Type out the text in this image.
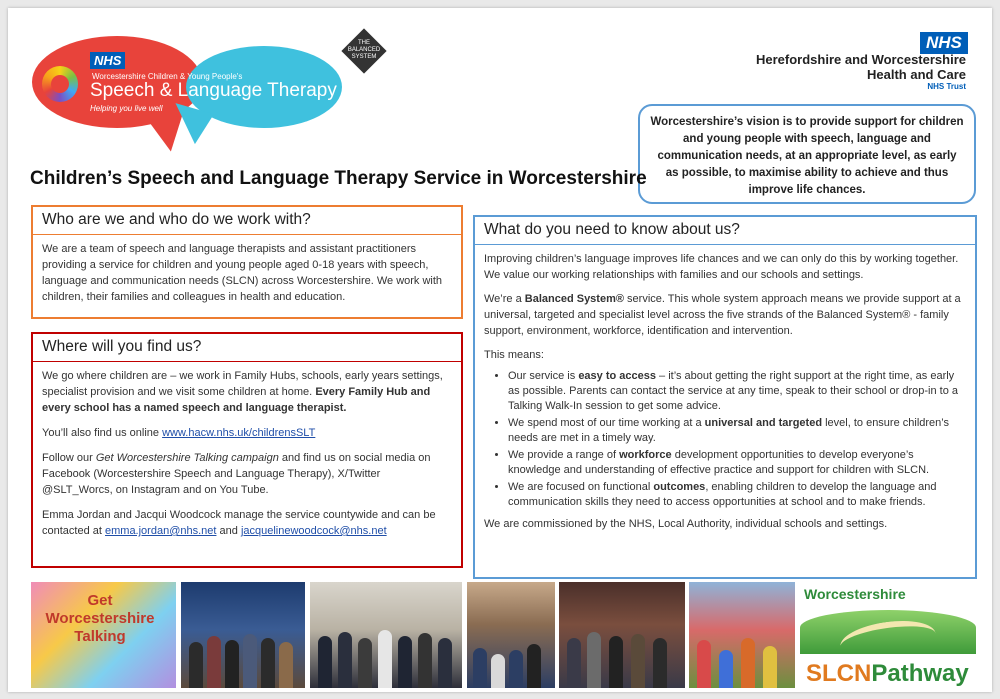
NHS
Worcestershire Children & Young People's
Speech & Language Therapy
Helping you live well
THE BALANCED SYSTEM
NHS
Herefordshire and Worcestershire
Health and Care
NHS Trust
Worcestershire’s vision is to provide support for children and young people with speech, language and communication needs, at an appropriate level, as early as possible, to maximise ability to achieve and thus improve life chances.
Children’s Speech and Language Therapy Service in Worcestershire
Who are we and who do we work with?

We are a team of speech and language therapists and assistant practitioners providing a service for children and young people aged 0-18 years with speech, language and communication needs (SLCN) across Worcestershire. We work with children, their families and colleagues in health and education.

Where will you find us?

We go where children are – we work in Family Hubs, schools, early years settings, specialist provision and we visit some children at home. Every Family Hub and every school has a named speech and language therapist.

You’ll also find us online www.hacw.nhs.uk/childrensSLT

Follow our Get Worcestershire Talking campaign and find us on social media on Facebook (Worcestershire Speech and Language Therapy), X/Twitter @SLT_Worcs, on Instagram and on You Tube.

Emma Jordan and Jacqui Woodcock manage the service countywide and can be contacted at emma.jordan@nhs.net and jacquelinewoodcock@nhs.net

What do you need to know about us?

Improving children’s language improves life chances and we can only do this by working together. We value our working relationships with families and our schools and settings.

We’re a Balanced System® service. This whole system approach means we provide support at a universal, targeted and specialist level across the five strands of the Balanced System® - family support, environment, workforce, identification and intervention.

This means:

• Our service is easy to access – it’s about getting the right support at the right time, as early as possible. Parents can contact the service at any time, speak to their school or drop-in to a Talking Walk-In session to get some advice.
• We spend most of our time working at a universal and targeted level, to ensure children’s needs are met in a timely way.
• We provide a range of workforce development opportunities to develop everyone’s knowledge and understanding of effective practice and support for children with SLCN.
• We are focused on functional outcomes, enabling children to develop the language and communication skills they need to access opportunities at school and to make friends.

We are commissioned by the NHS, Local Authority, individual schools and settings.

Get Worcestershire Talking
Worcestershire
SLCNPathway
